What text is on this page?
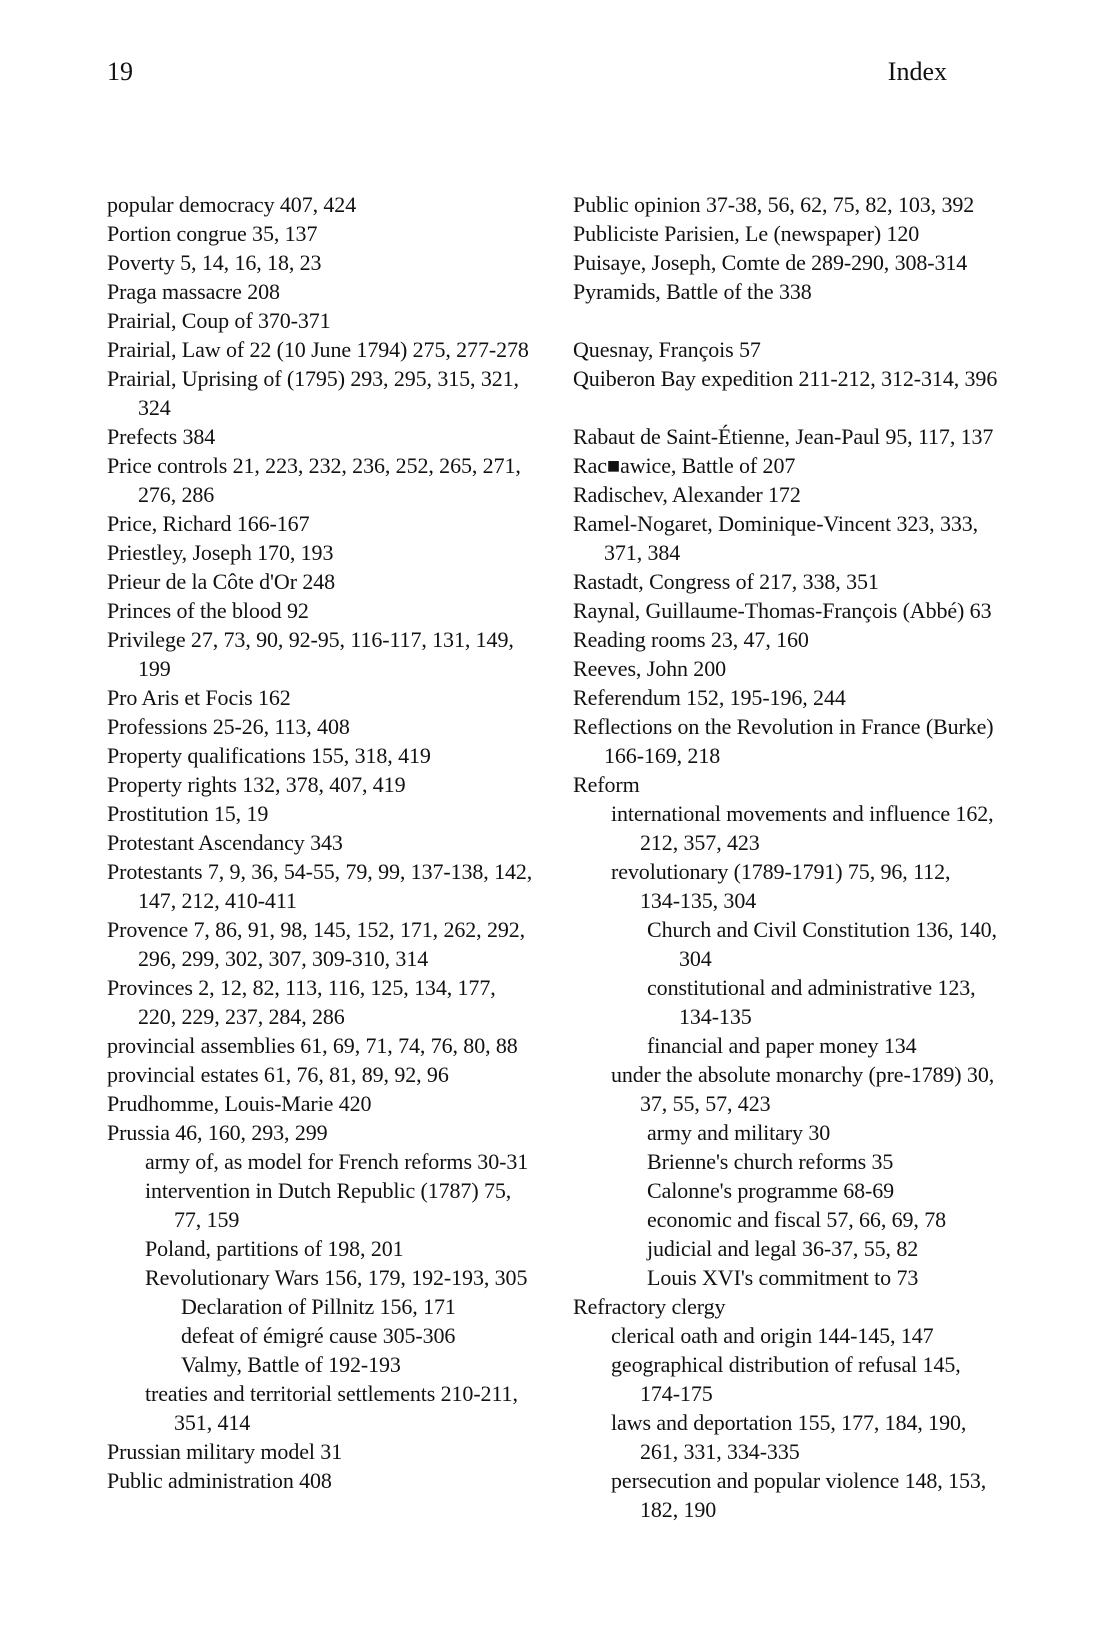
19	Index
popular democracy 407, 424
Portion congrue 35, 137
Poverty 5, 14, 16, 18, 23
Praga massacre 208
Prairial, Coup of 370-371
Prairial, Law of 22 (10 June 1794) 275, 277-278
Prairial, Uprising of (1795) 293, 295, 315, 321,
324
Prefects 384
Price controls 21, 223, 232, 236, 252, 265, 271,
276, 286
Price, Richard 166-167
Priestley, Joseph 170, 193
Prieur de la Côte d'Or 248
Princes of the blood 92
Privilege 27, 73, 90, 92-95, 116-117, 131, 149,
199
Pro Aris et Focis 162
Professions 25-26, 113, 408
Property qualifications 155, 318, 419
Property rights 132, 378, 407, 419
Prostitution 15, 19
Protestant Ascendancy 343
Protestants 7, 9, 36, 54-55, 79, 99, 137-138, 142,
147, 212, 410-411
Provence 7, 86, 91, 98, 145, 152, 171, 262, 292,
296, 299, 302, 307, 309-310, 314
Provinces 2, 12, 82, 113, 116, 125, 134, 177,
220, 229, 237, 284, 286
provincial assemblies 61, 69, 71, 74, 76, 80, 88
provincial estates 61, 76, 81, 89, 92, 96
Prudhomme, Louis-Marie 420
Prussia 46, 160, 293, 299
army of, as model for French reforms 30-31
intervention in Dutch Republic (1787) 75,
77, 159
Poland, partitions of 198, 201
Revolutionary Wars 156, 179, 192-193, 305
Declaration of Pillnitz 156, 171
defeat of émigré cause 305-306
Valmy, Battle of 192-193
treaties and territorial settlements 210-211,
351, 414
Prussian military model 31
Public administration 408
Public opinion 37-38, 56, 62, 75, 82, 103, 392
Publiciste Parisien, Le (newspaper) 120
Puisaye, Joseph, Comte de 289-290, 308-314
Pyramids, Battle of the 338
Quesnay, François 57
Quiberon Bay expedition 211-212, 312-314, 396
Rabaut de Saint-Étienne, Jean-Paul 95, 117, 137
Rac■awice, Battle of 207
Radischev, Alexander 172
Ramel-Nogaret, Dominique-Vincent 323, 333,
371, 384
Rastadt, Congress of 217, 338, 351
Raynal, Guillaume-Thomas-François (Abbé) 63
Reading rooms 23, 47, 160
Reeves, John 200
Referendum 152, 195-196, 244
Reflections on the Revolution in France (Burke)
166-169, 218
Reform
international movements and influence 162,
212, 357, 423
revolutionary (1789-1791) 75, 96, 112,
134-135, 304
Church and Civil Constitution 136, 140,
304
constitutional and administrative 123,
134-135
financial and paper money 134
under the absolute monarchy (pre-1789) 30,
37, 55, 57, 423
army and military 30
Brienne's church reforms 35
Calonne's programme 68-69
economic and fiscal 57, 66, 69, 78
judicial and legal 36-37, 55, 82
Louis XVI's commitment to 73
Refractory clergy
clerical oath and origin 144-145, 147
geographical distribution of refusal 145,
174-175
laws and deportation 155, 177, 184, 190,
261, 331, 334-335
persecution and popular violence 148, 153,
182, 190
